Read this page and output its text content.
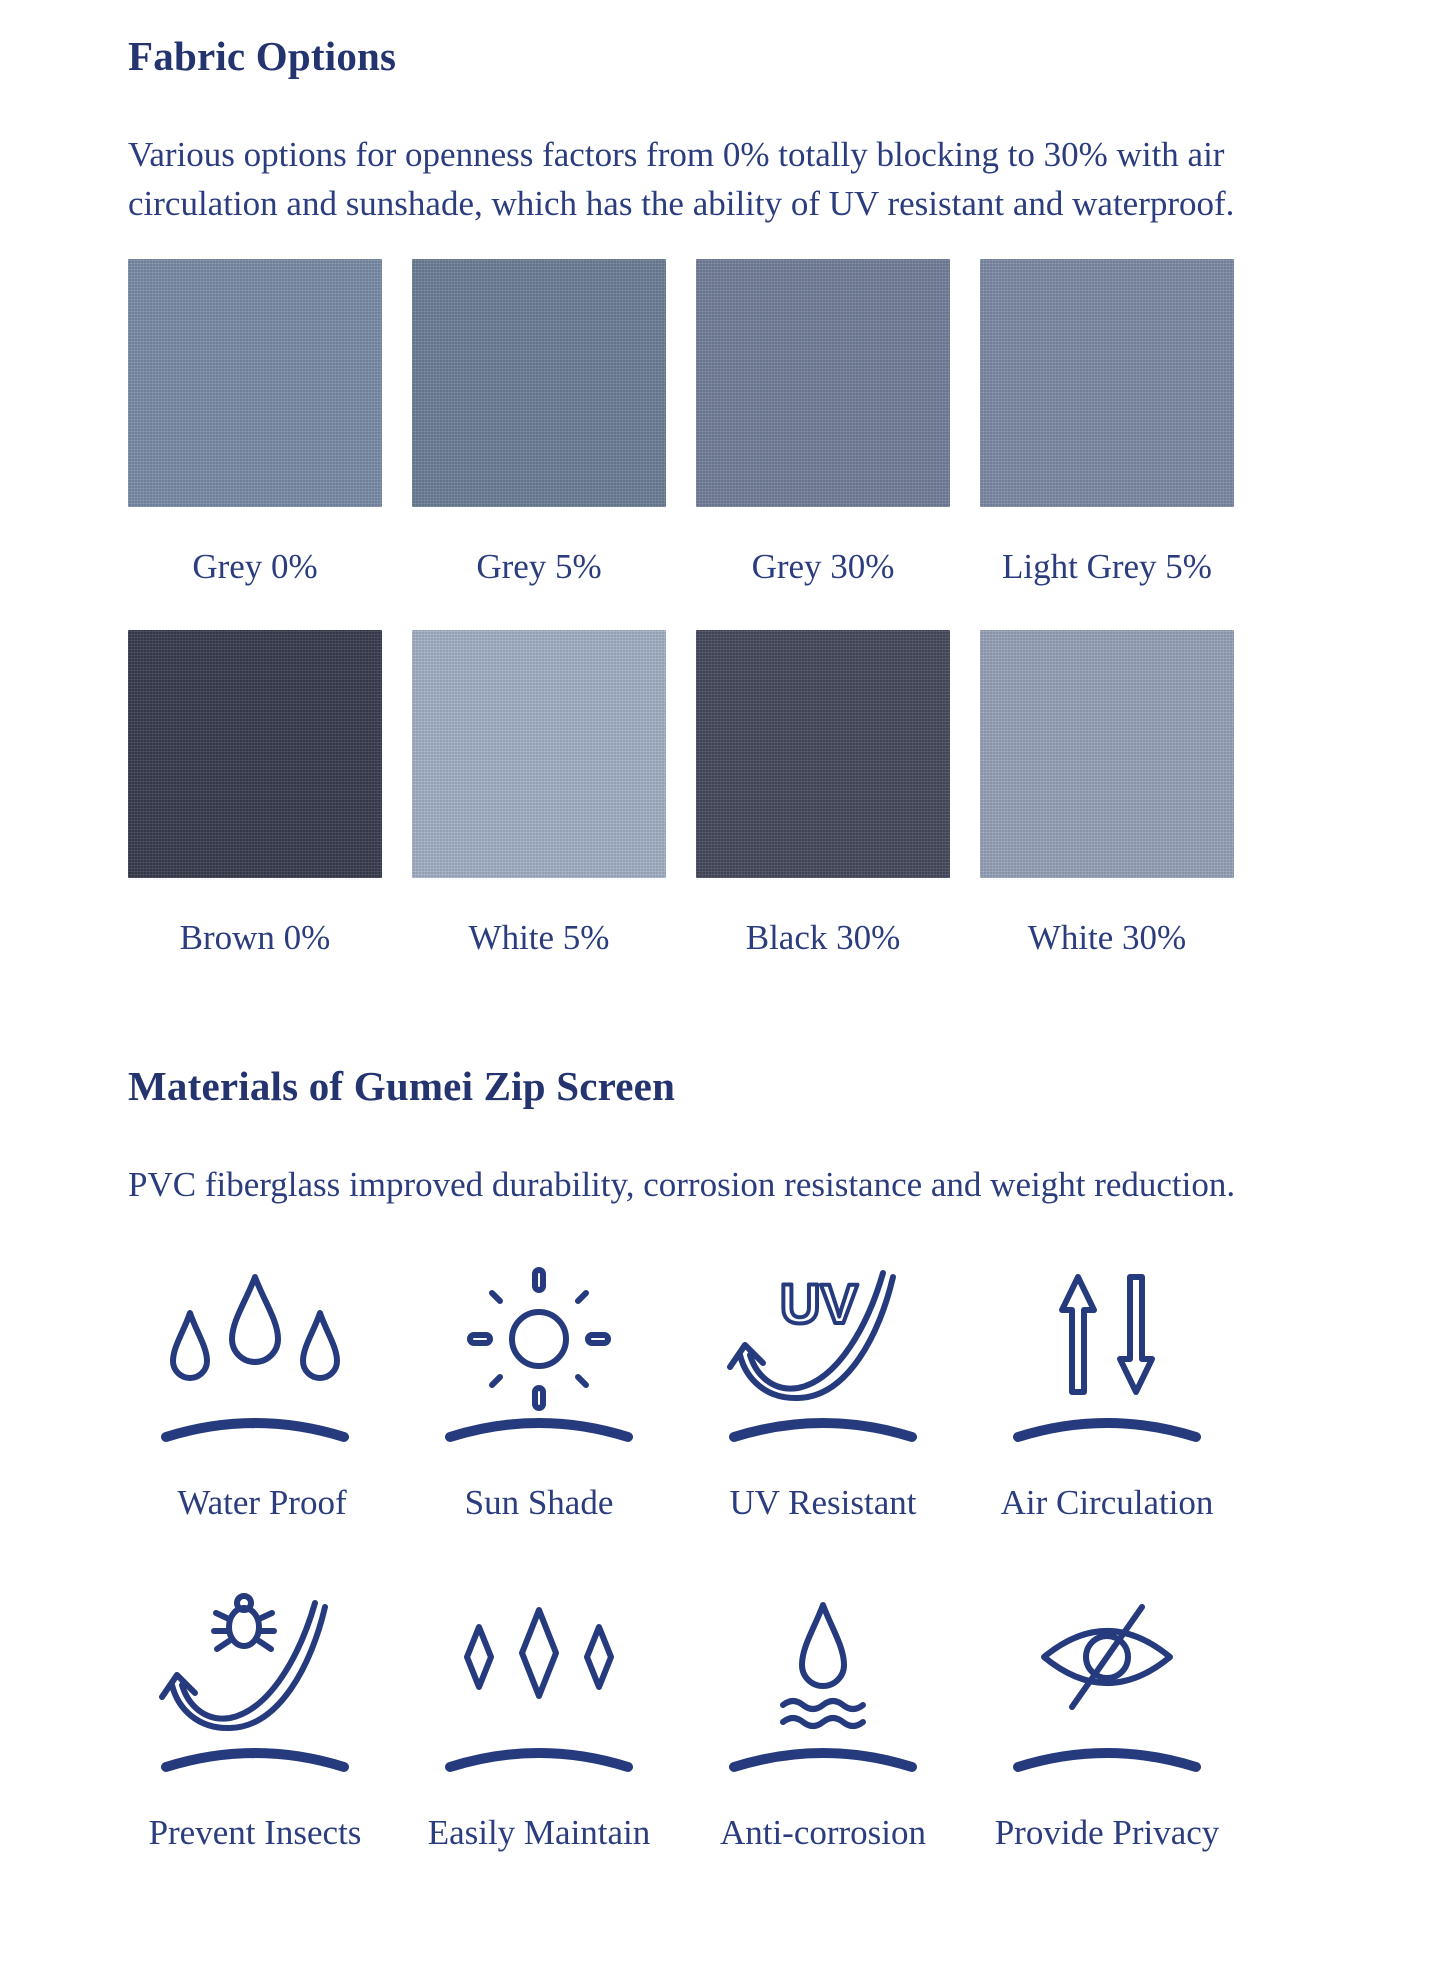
Fabric Options

Various options for openness factors from 0% totally blocking to 30% with air

circulation and sunshade, which has the ability of UV resistant and waterproof.

Grey 0%	Grey 5%	Grey 30%	Light Grey 5%
Brown 0%	White 5%	Black 30%	White 30%
Materials of Gumei Zip Screen

PVC fiberglass improved durability, corrosion resistance and weight reduction.

UV
Water Proof	Sun Shade	UV Resistant	Air Circulation
Prevent Insects	Easily Maintain	Anti-corrosion	Provide Privacy
